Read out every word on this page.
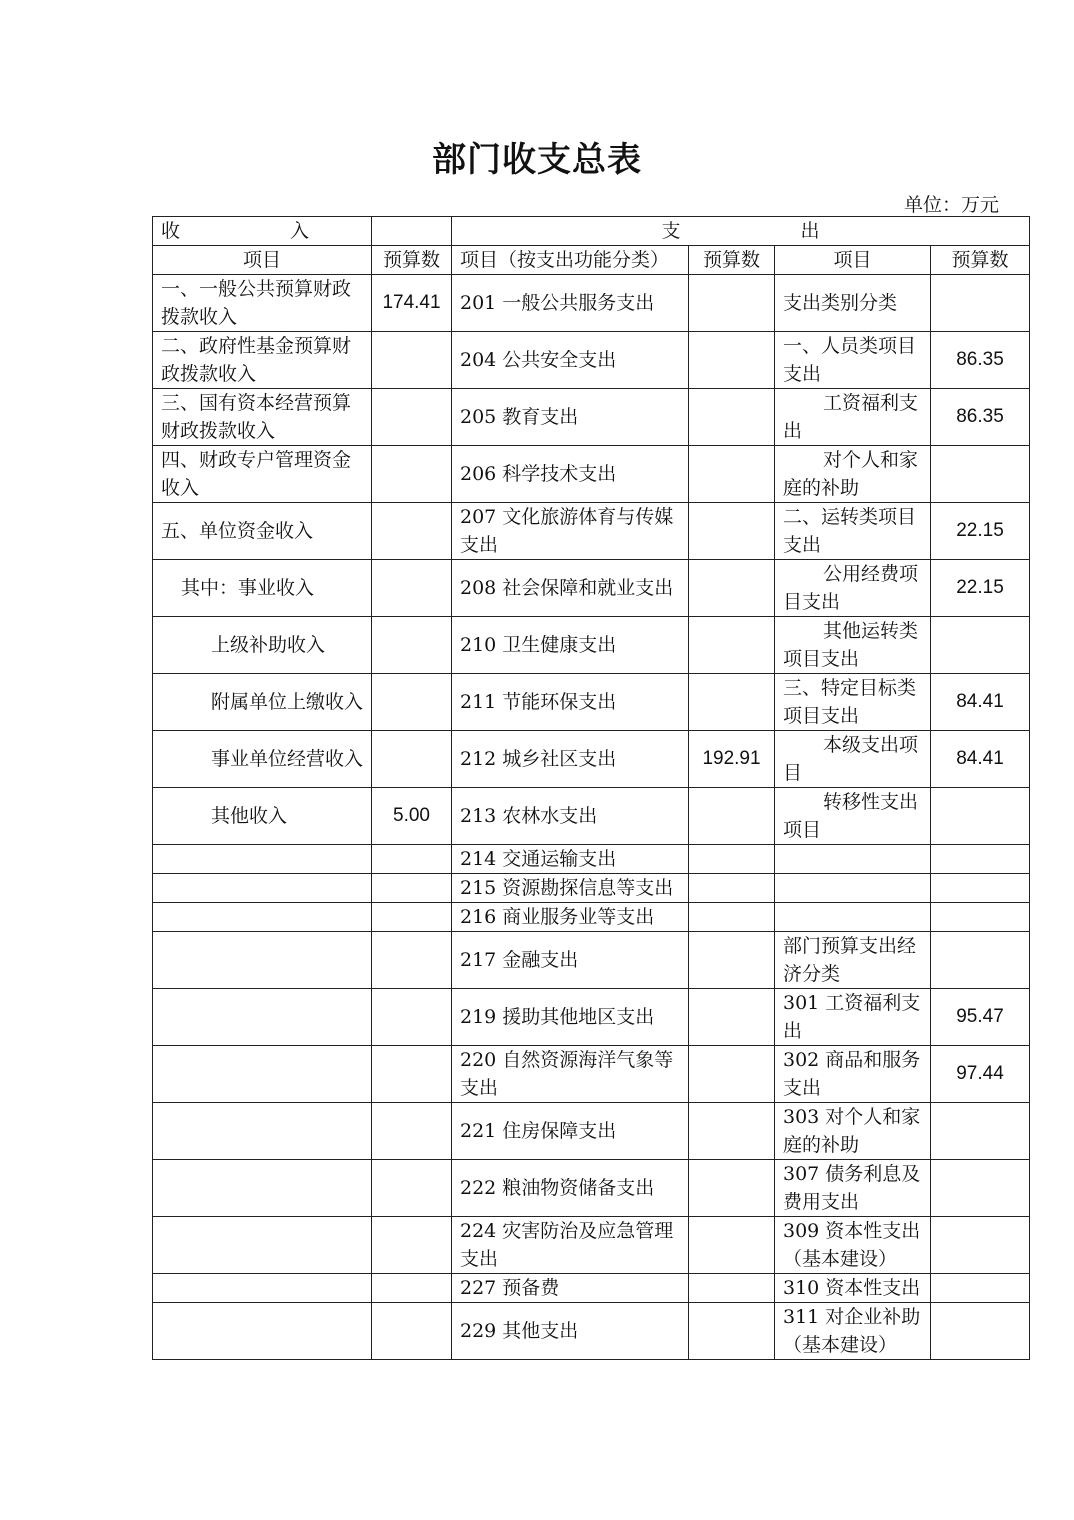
部门收支总表
单位：万元
收 入		支 出			
项目	预算数	项目（按支出功能分类）	预算数	项目	预算数
一、一般公共预算财政拨款收入	174.41	201 一般公共服务支出		支出类别分类	
二、政府性基金预算财政拨款收入		204 公共安全支出		一、人员类项目支出	86.35
三、国有资本经营预算财政拨款收入		205 教育支出		工资福利支出	86.35
四、财政专户管理资金收入		206 科学技术支出		对个人和家庭的补助	

五、单位资金收入		207 文化旅游体育与传媒支出		二、运转类项目支出	22.15

其中：事业收入		208 社会保障和就业支出		公用经费项目支出	22.15

上级补助收入		210 卫生健康支出		其他运转类项目支出	

附属单位上缴收入		211 节能环保支出		三、特定目标类项目支出	84.41

事业单位经营收入		212 城乡社区支出	192.91	本级支出项目	84.41

其他收入	5.00	213 农林水支出		转移性支出项目	

		214 交通运输支出			
		215 资源勘探信息等支出			
		216 商业服务业等支出			
		217 金融支出		部门预算支出经济分类	
		219 援助其他地区支出		301 工资福利支出	95.47
		220 自然资源海洋气象等支出		302 商品和服务支出	97.44
		221 住房保障支出		303 对个人和家庭的补助	
		222 粮油物资储备支出		307 债务利息及费用支出	
		224 灾害防治及应急管理支出		309 资本性支出（基本建设）	
		227 预备费		310 资本性支出	
		229 其他支出		311 对企业补助（基本建设）	
